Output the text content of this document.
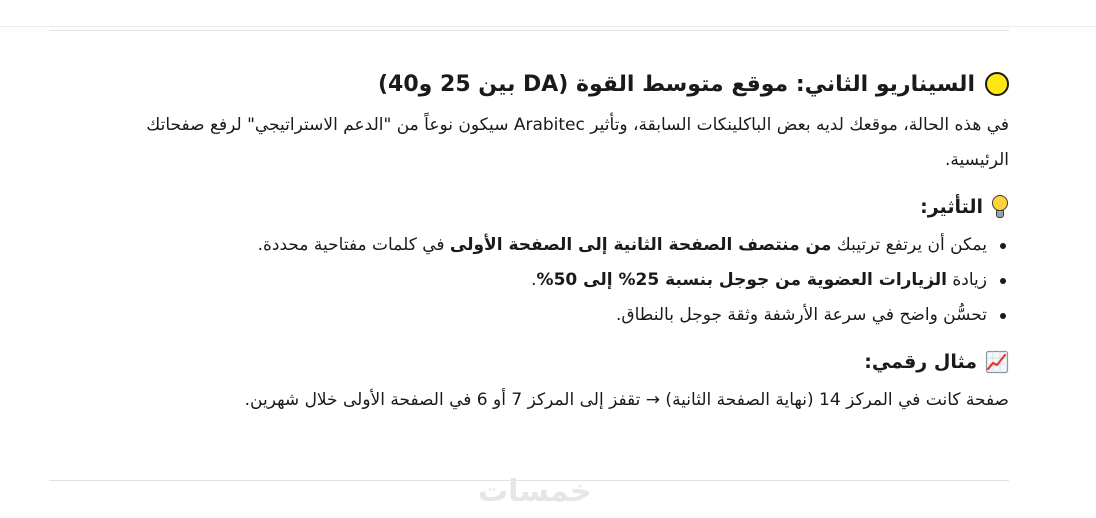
السيناريو الثاني: موقع متوسط القوة (DA بين 25 و40)

في هذه الحالة، موقعك لديه بعض الباكلينكات السابقة، وتأثير Arabitec سيكون نوعاً من "الدعم الاستراتيجي" لرفع صفحاتك الرئيسية.

التأثير:
يمكن أن يرتفع ترتيبك من منتصف الصفحة الثانية إلى الصفحة الأولى في كلمات مفتاحية محددة.
زيادة الزيارات العضوية من جوجل بنسبة 25% إلى 50%.
تحسُّن واضح في سرعة الأرشفة وثقة جوجل بالنطاق.
مثال رقمي:

صفحة كانت في المركز 14 (نهاية الصفحة الثانية) → تقفز إلى المركز 7 أو 6 في الصفحة الأولى خلال شهرين.

خمسات
